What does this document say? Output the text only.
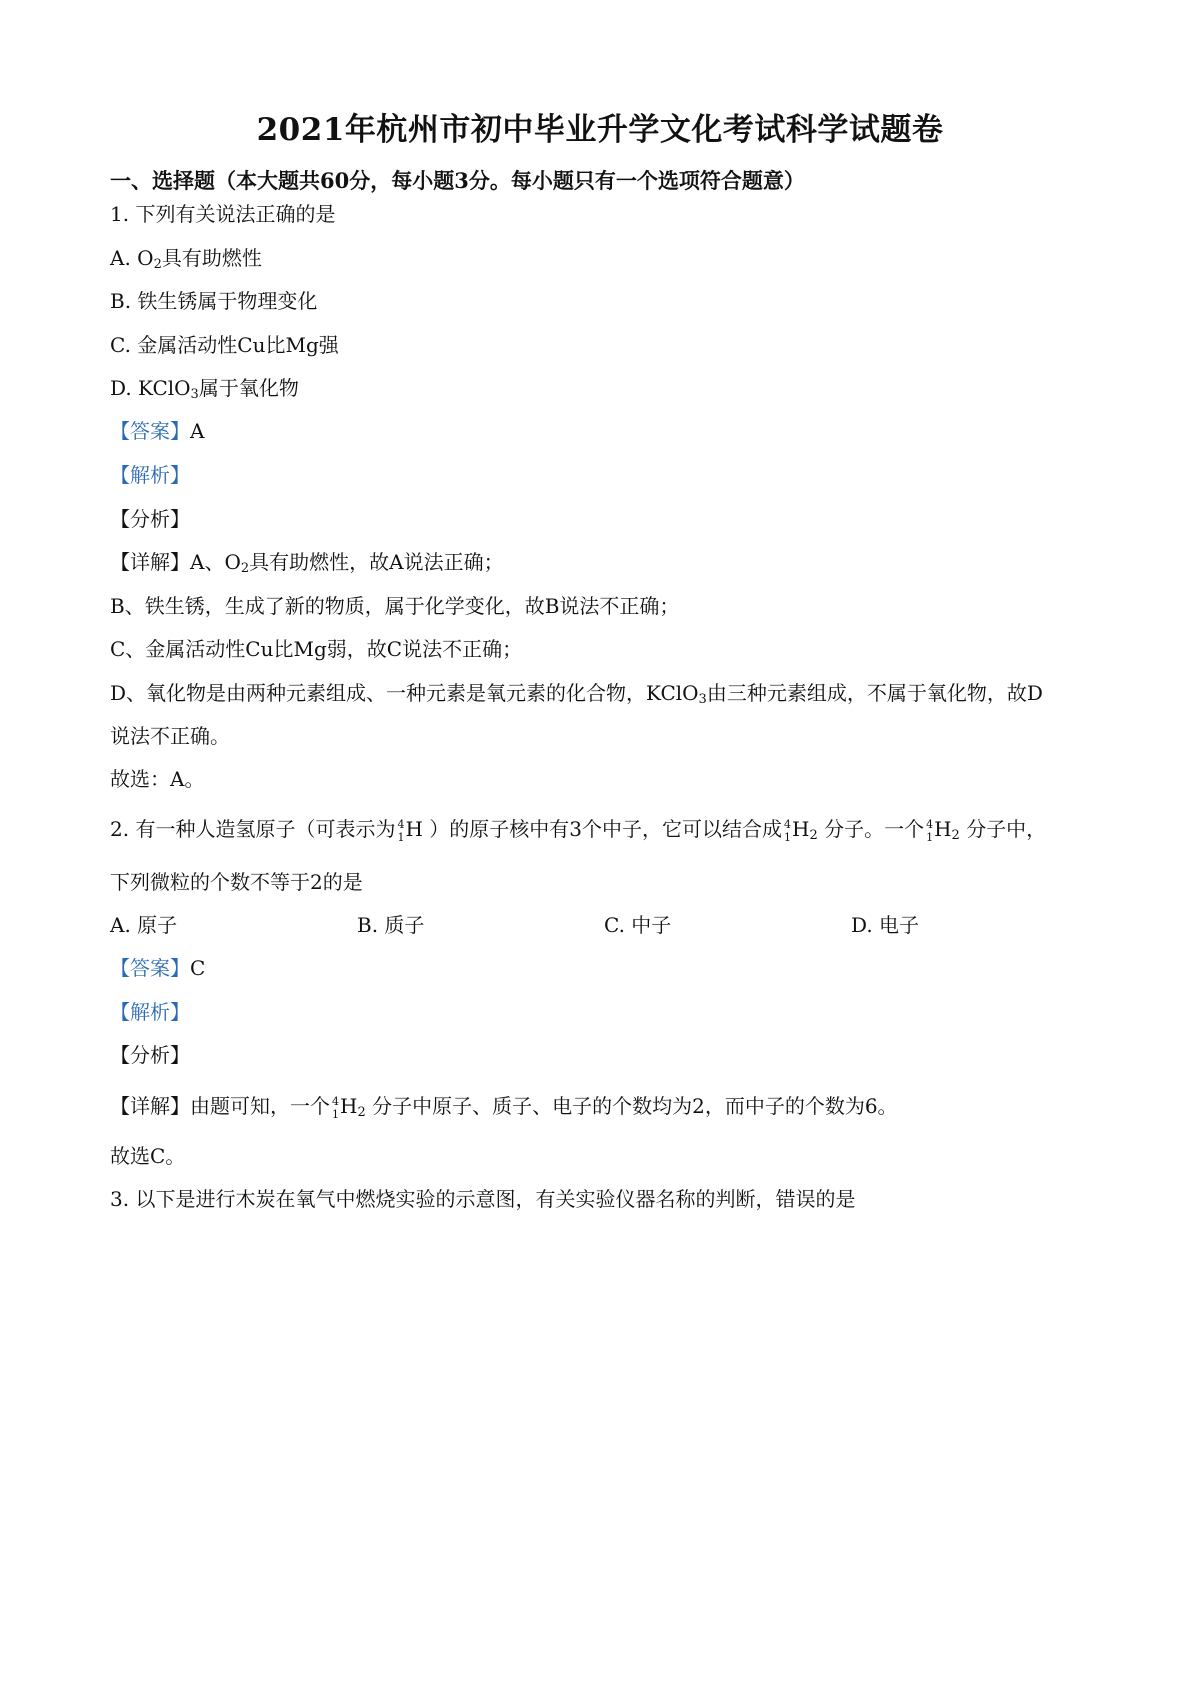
2021年杭州市初中毕业升学文化考试科学试题卷
一、选择题（本大题共60分，每小题3分。每小题只有一个选项符合题意）
1. 下列有关说法正确的是
A. $O_2$具有助燃性
B. 铁生锈属于物理变化
C. 金属活动性Cu比Mg强
D. KClO$_3$属于氧化物
【答案】A
【解析】
【分析】
【详解】A、$O_2$具有助燃性，故A说法正确；
B、铁生锈，生成了新的物质，属于化学变化，故B说法不正确；
C、金属活动性Cu比Mg弱，故C说法不正确；
D、氧化物是由两种元素组成、一种元素是氧元素的化合物，KClO$_3$由三种元素组成，不属于氧化物，故D
说法不正确。
故选：A。
2. 有一种人造氢原子（可表示为 4
1 H ）的原子核中有3个中子，它可以结合成 4
1 $H_2$ 分子。一个 4
1 $H_2$ 分子中，
下列微粒的个数不等于2的是
A. 原子	B. 质子	C. 中子	D. 电子
【答案】C
【解析】
【分析】
【详解】由题可知，一个 4
1 $H_2$ 分子中原子、质子、电子的个数均为2，而中子的个数为6。
故选C。
3. 以下是进行木炭在氧气中燃烧实验的示意图，有关实验仪器名称的判断，错误的是
